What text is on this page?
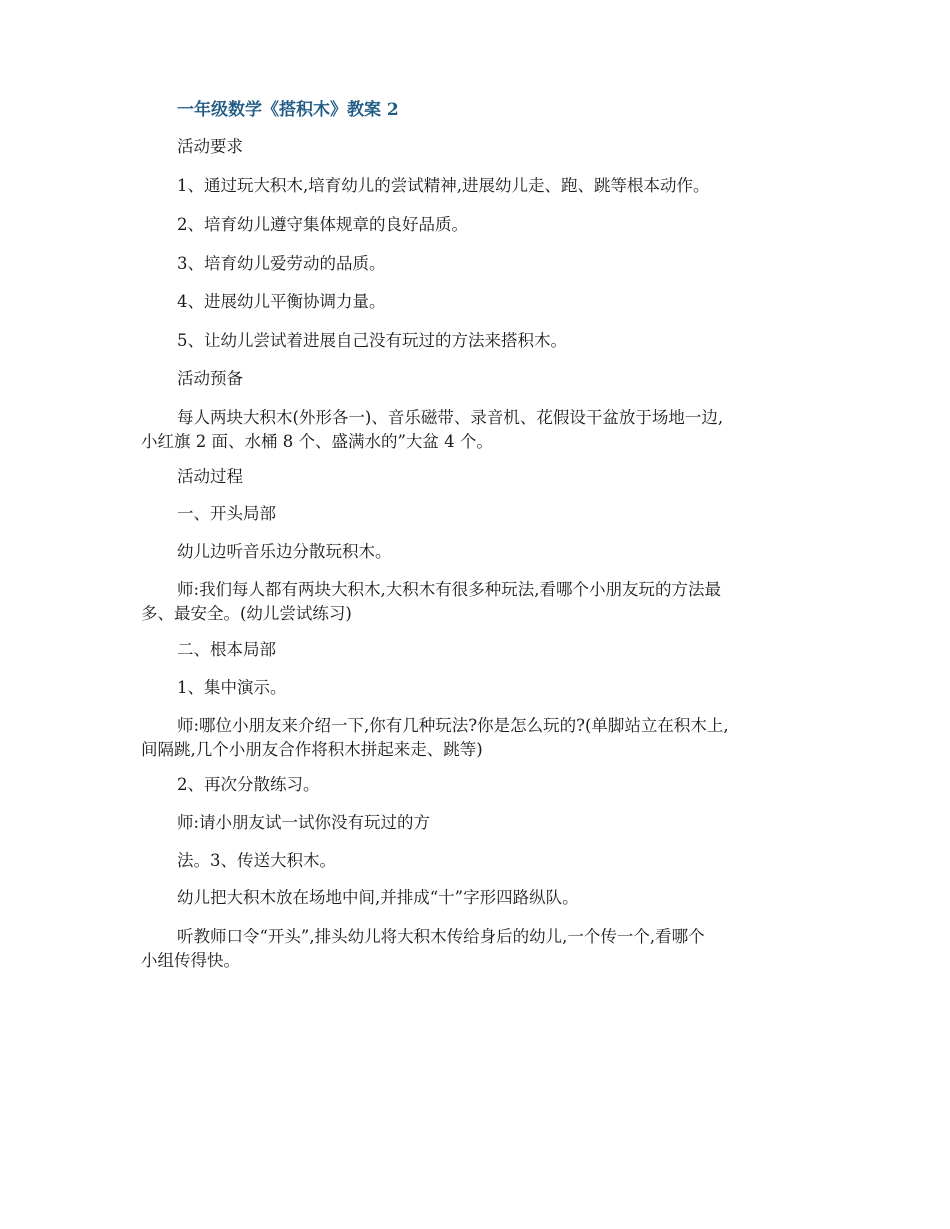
一年级数学《搭积木》教案 2
活动要求
1、通过玩大积木,培育幼儿的尝试精神,进展幼儿走、跑、跳等根本动作。
2、培育幼儿遵守集体规章的良好品质。
3、培育幼儿爱劳动的品质。
4、进展幼儿平衡协调力量。
5、让幼儿尝试着进展自己没有玩过的方法来搭积木。
活动预备
每人两块大积木(外形各一)、音乐磁带、录音机、花假设干盆放于场地一边,
小红旗 2 面、水桶 8 个、盛满水的”大盆 4 个。
活动过程
一、开头局部
幼儿边听音乐边分散玩积木。
师:我们每人都有两块大积木,大积木有很多种玩法,看哪个小朋友玩的方法最
多、最安全。(幼儿尝试练习)
二、根本局部
1、集中演示。
师:哪位小朋友来介绍一下,你有几种玩法?你是怎么玩的?(单脚站立在积木上,
间隔跳,几个小朋友合作将积木拼起来走、跳等)
2、再次分散练习。
师:请小朋友试一试你没有玩过的方
法。3、传送大积木。
幼儿把大积木放在场地中间,并排成“十”字形四路纵队。
听教师口令“开头”,排头幼儿将大积木传给身后的幼儿,一个传一个,看哪个
小组传得快。
